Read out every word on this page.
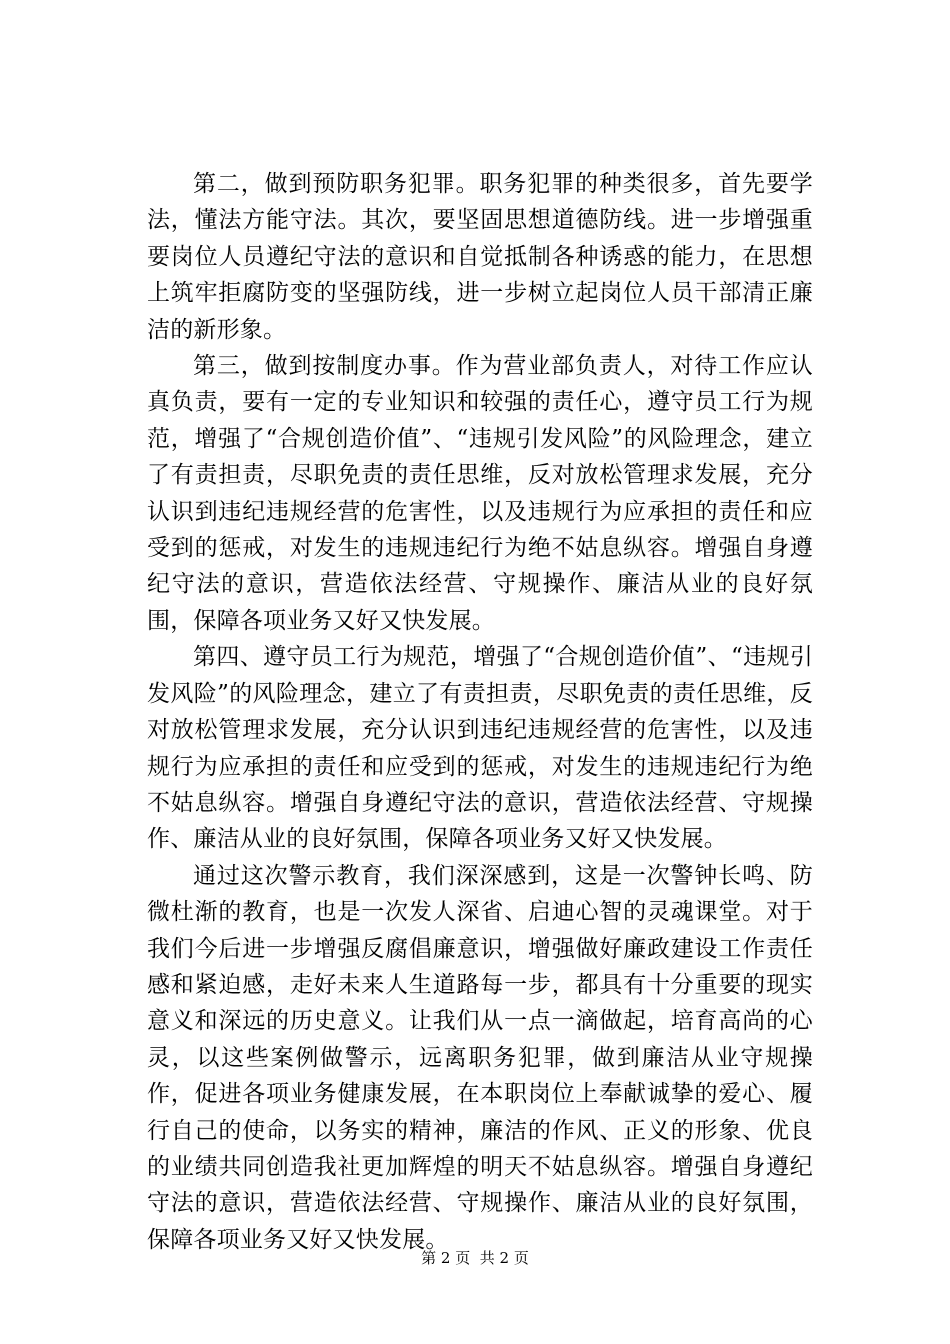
第二，做到预防职务犯罪。职务犯罪的种类很多，首先要学法，懂法方能守法。其次，要坚固思想道德防线。进一步增强重要岗位人员遵纪守法的意识和自觉抵制各种诱惑的能力，在思想上筑牢拒腐防变的坚强防线，进一步树立起岗位人员干部清正廉洁的新形象。

第三，做到按制度办事。作为营业部负责人，对待工作应认真负责，要有一定的专业知识和较强的责任心，遵守员工行为规范，增强了“合规创造价值”、“违规引发风险”的风险理念，建立了有责担责，尽职免责的责任思维，反对放松管理求发展，充分认识到违纪违规经营的危害性，以及违规行为应承担的责任和应受到的惩戒，对发生的违规违纪行为绝不姑息纵容。增强自身遵纪守法的意识，营造依法经营、守规操作、廉洁从业的良好氛围，保障各项业务又好又快发展。

第四、遵守员工行为规范，增强了“合规创造价值”、“违规引发风险”的风险理念，建立了有责担责，尽职免责的责任思维，反对放松管理求发展，充分认识到违纪违规经营的危害性，以及违规行为应承担的责任和应受到的惩戒，对发生的违规违纪行为绝不姑息纵容。增强自身遵纪守法的意识，营造依法经营、守规操作、廉洁从业的良好氛围，保障各项业务又好又快发展。

通过这次警示教育，我们深深感到，这是一次警钟长鸣、防微杜渐的教育，也是一次发人深省、启迪心智的灵魂课堂。对于我们今后进一步增强反腐倡廉意识，增强做好廉政建设工作责任感和紧迫感，走好未来人生道路每一步，都具有十分重要的现实意义和深远的历史意义。让我们从一点一滴做起，培育高尚的心灵，以这些案例做警示，远离职务犯罪，做到廉洁从业守规操作，促进各项业务健康发展，在本职岗位上奉献诚挚的爱心、履行自己的使命，以务实的精神，廉洁的作风、正义的形象、优良的业绩共同创造我社更加辉煌的明天不姑息纵容。增强自身遵纪守法的意识，营造依法经营、守规操作、廉洁从业的良好氛围，保障各项业务又好又快发展。

第 2 页  共 2 页
